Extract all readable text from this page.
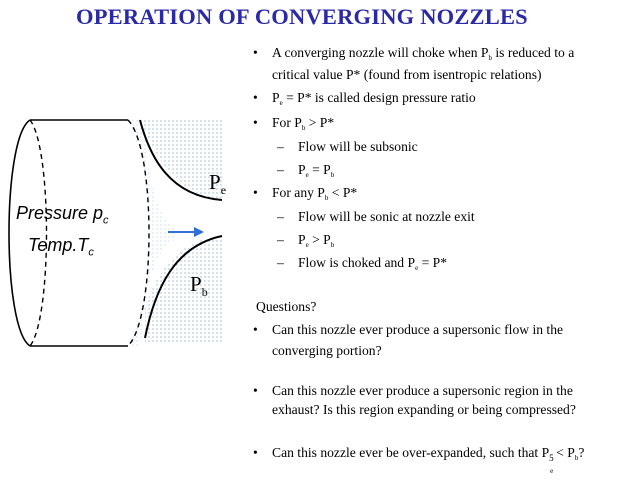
OPERATION OF CONVERGING NOZZLES
Pressure $p_c$
$Temp.T_c$
$P_e$
$P_b$
• A converging nozzle will choke when $P_b$ is reduced to a
critical value P* (found from isentropic relations)
• $P_e = P*$ is called design pressure ratio
• For $P_b > P*$
– Flow will be subsonic
– $P_e = P_b$
• For any $P_b < P*$
– Flow will be sonic at nozzle exit
– $P_e > P_b$
– Flow is choked and $P_e = P*$
Questions?
• Can this nozzle ever produce a supersonic flow in the
converging portion?
• Can this nozzle ever produce a supersonic region in the
exhaust? Is this region expanding or being compressed?
• Can this nozzle ever be over-expanded, such that P 5
e
< $P_b$?
